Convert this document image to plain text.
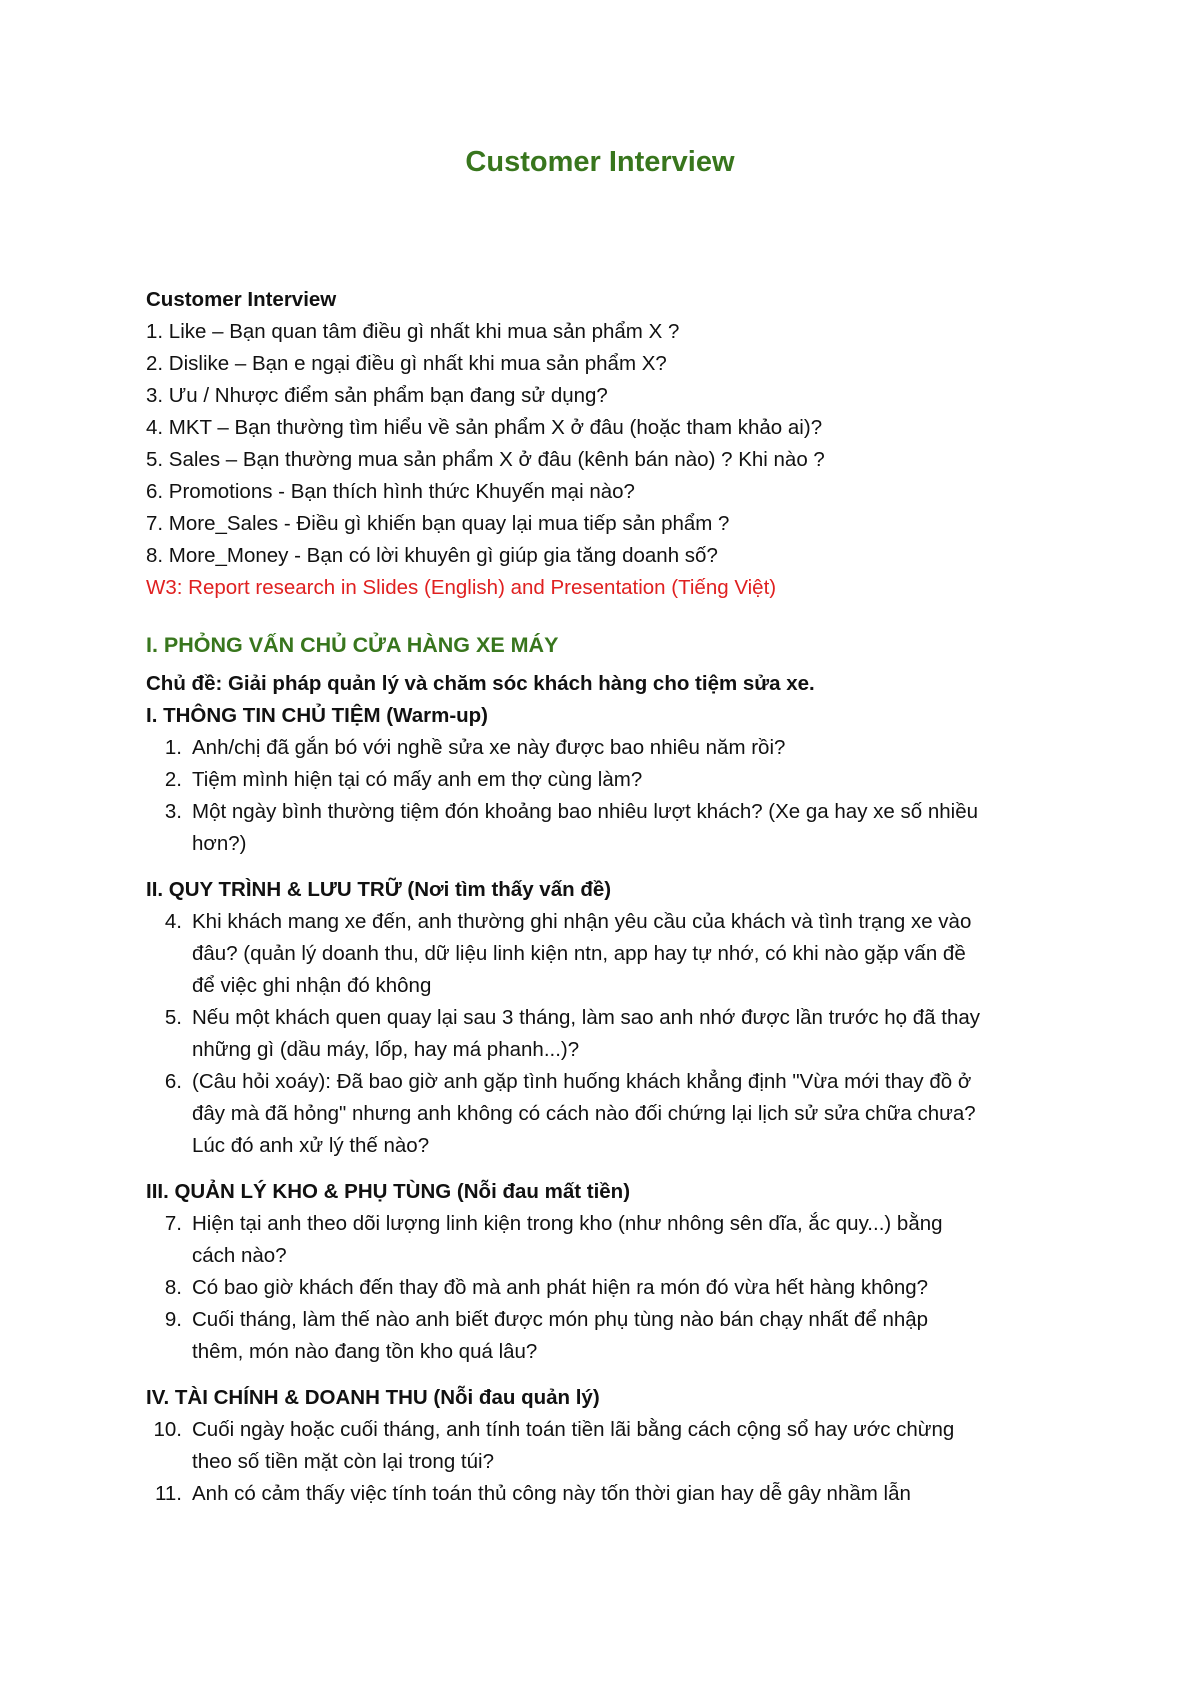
Customer Interview
Customer Interview
1. Like – Bạn quan tâm điều gì nhất khi mua sản phẩm X ?
2. Dislike – Bạn e ngại điều gì nhất khi mua sản phẩm X?
3. Ưu / Nhược điểm sản phẩm bạn đang sử dụng?
4. MKT – Bạn thường tìm hiểu về sản phẩm X ở đâu (hoặc tham khảo ai)?
5. Sales – Bạn thường mua sản phẩm X ở đâu (kênh bán nào) ? Khi nào ?
6. Promotions - Bạn thích hình thức Khuyến mại nào?
7. More_Sales - Điều gì khiến bạn quay lại mua tiếp sản phẩm ?
8. More_Money - Bạn có lời khuyên gì giúp gia tăng doanh số?
W3: Report research in Slides (English) and Presentation (Tiếng Việt)
I. PHỎNG VẤN CHỦ CỬA HÀNG XE MÁY
Chủ đề: Giải pháp quản lý và chăm sóc khách hàng cho tiệm sửa xe.
I. THÔNG TIN CHỦ TIỆM (Warm-up)
1. Anh/chị đã gắn bó với nghề sửa xe này được bao nhiêu năm rồi?
2. Tiệm mình hiện tại có mấy anh em thợ cùng làm?
3. Một ngày bình thường tiệm đón khoảng bao nhiêu lượt khách? (Xe ga hay xe số nhiều
hơn?)
II. QUY TRÌNH & LƯU TRỮ (Nơi tìm thấy vấn đề)
4. Khi khách mang xe đến, anh thường ghi nhận yêu cầu của khách và tình trạng xe vào
đâu? (quản lý doanh thu, dữ liệu linh kiện ntn, app hay tự nhớ, có khi nào gặp vấn đề
để việc ghi nhận đó không
5. Nếu một khách quen quay lại sau 3 tháng, làm sao anh nhớ được lần trước họ đã thay
những gì (dầu máy, lốp, hay má phanh...)?
6. (Câu hỏi xoáy): Đã bao giờ anh gặp tình huống khách khẳng định "Vừa mới thay đồ ở
đây mà đã hỏng" nhưng anh không có cách nào đối chứng lại lịch sử sửa chữa chưa?
Lúc đó anh xử lý thế nào?
III. QUẢN LÝ KHO & PHỤ TÙNG (Nỗi đau mất tiền)
7. Hiện tại anh theo dõi lượng linh kiện trong kho (như nhông sên dĩa, ắc quy...) bằng
cách nào?
8. Có bao giờ khách đến thay đồ mà anh phát hiện ra món đó vừa hết hàng không?
9. Cuối tháng, làm thế nào anh biết được món phụ tùng nào bán chạy nhất để nhập
thêm, món nào đang tồn kho quá lâu?
IV. TÀI CHÍNH & DOANH THU (Nỗi đau quản lý)
10. Cuối ngày hoặc cuối tháng, anh tính toán tiền lãi bằng cách cộng sổ hay ước chừng
theo số tiền mặt còn lại trong túi?
11. Anh có cảm thấy việc tính toán thủ công này tốn thời gian hay dễ gây nhầm lẫn
